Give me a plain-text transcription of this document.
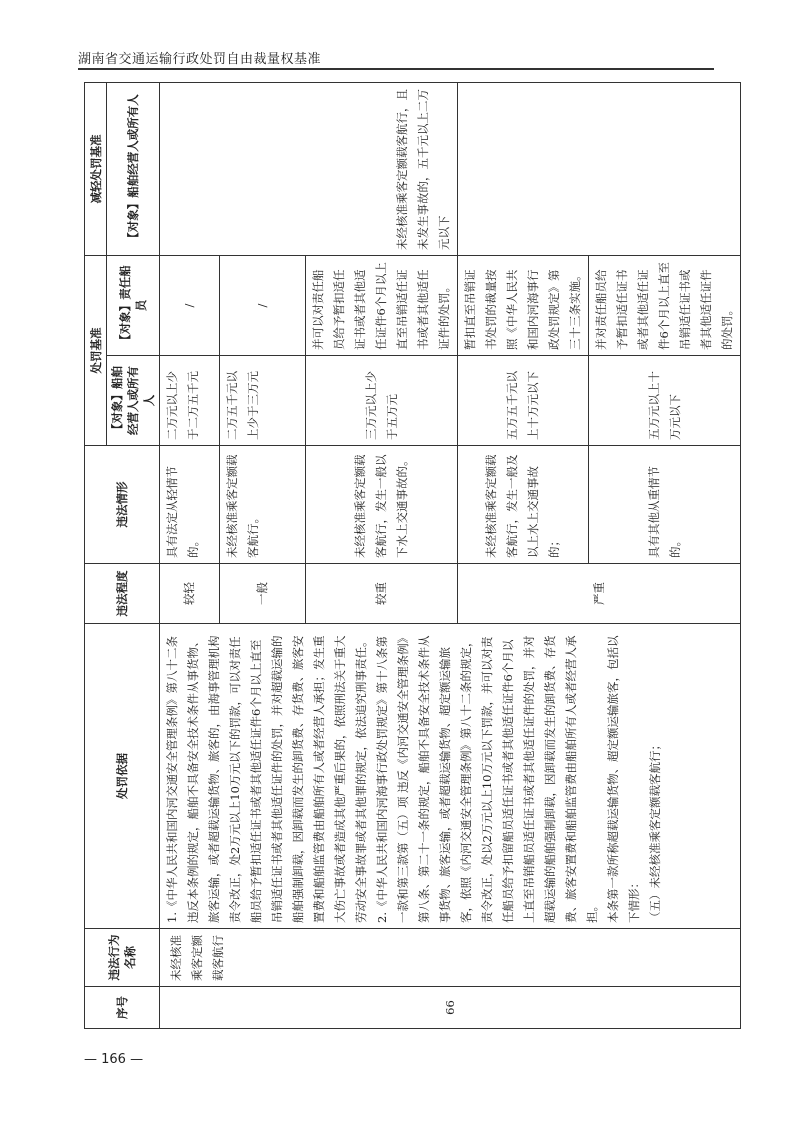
湖南省交通运输行政处罚自由裁量权基准
序号	违法行为名称	处罚依据	违法程度	违法情形	处罚基准		减轻处罚基准
					【对象】船舶经营人或所有人	【对象】责任船员	【对象】船舶经营人或所有人

66	未经核准乘客定额载客航行	1.《中华人民共和国内河交通安全管理条例》第八十二条 违反本条例的规定，船舶不具备安全技术条件从事货物、旅客运输，或者超载运输货物、旅客的，由海事管理机构责令改正，处2万元以上10万元以下的罚款，可以对责任船员给予暂扣适任证书或者其他适任证件6个月以上直至吊销适任证书或者其他适任证件的处罚，并对超载运输的船舶强制卸载，因卸载而发生的卸货费、存货费、旅客安置费和船舶监管费由船舶所有人或者经营人承担；发生重大伤亡事故或者造成其他严重后果的，依照刑法关于重大劳动安全事故罪或者其他罪的规定，依法追究刑事责任。 2.《中华人民共和国内河海事行政处罚规定》第十八条第一款和第三款第（五）项 违反《内河交通安全管理条例》第八条、第二十一条的规定，船舶不具备安全技术条件从事货物、旅客运输，或者超载运输货物、超定额运输旅客，依照《内河交通安全管理条例》第八十二条的规定，责令改正，处以2万元以上10万元以下罚款，并可以对责任船员给予扣留船员适任证书或者其他适任证件6个月以上直至吊销船员适任证书或者其他适任证件的处罚，并对超载运输的船舶强制卸载，因卸载而发生的卸货费、存货费、旅客安置费和船舶监管费由船舶所有人或者经营人承担。 本条第一款所称超载运输货物、超定额运输旅客，包括以下情形： （五）未经核准乘客定额载客航行；	较轻	具有法定从轻情节的。	二万元以上少于二万五千元	/	未经核准乘客定额载客航行，且未发生事故的，五千元以上二万元以下
			一般	未经核准乘客定额载客航行。	二万五千元以上少于三万元	/	
			较重	未经核准乘客定额载客航行，发生一般以下水上交通事故的。	三万元以上少于五万元	并可以对责任船员给予暂扣适任证书或者其他适任证件6个月以上直至吊销适任证书或者其他适任证件的处罚。	
			严重	未经核准乘客定额载客航行，发生一般及以上水上交通事故的；	五万五千元以上十万元以下	暂扣直至吊销证书处罚的裁量按照《中华人民共和国内河海事行政处罚规定》第三十三条实施。	
				具有其他从重情节的。	五万元以上十万元以下	并对责任船员给予暂扣适任证书或者其他适任证件6个月以上直至吊销适任证书或者其他适任证件的处罚。	
— 166 —
